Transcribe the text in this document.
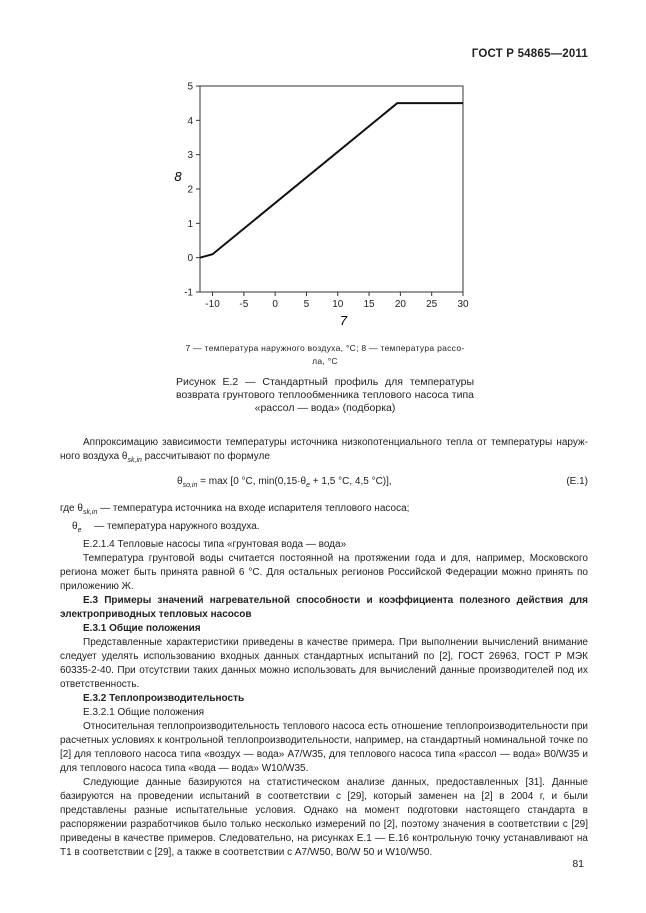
ГОСТ Р 54865—2011
-10 -5 0	5 10 15 20 25 30
-1
0
1
2
3
4
5
7
8
7 — температура наружного воздуха, °С; 8 — температура рассо-
ла, °С
Рисунок Е.2 — Стандартный профиль для температуры
возврата грунтового теплообменника теплового насоса типа
«рассол — вода» (подборка)

Аппроксимацию зависимости температуры источника низкопотенциального тепла от температуры наруж-

ного воздуха $\theta_{sk,in}$ рассчитывают по формуле

$\theta_{so,in} = \max [0$ °С, $\min(0,15\cdot\theta_e + 1,5$ °С, 4,5 °С)],	(Е.1)

где $\theta_{sk,in}$ — температура источника на входе испарителя теплового насоса;

$\theta_e$ — температура наружного воздуха.

Е.2.1.4 Тепловые насосы типа «грунтовая вода — вода»

Температура грунтовой воды считается постоянной на протяжении года и для, например, Московского региона может быть принята равной 6 °С. Для остальных регионов Российской Федерации можно принять по приложению Ж.

Е.3 Примеры значений нагревательной способности и коэффициента полезного действия для электроприводных тепловых насосов

Е.3.1 Общие положения

Представленные характеристики приведены в качестве примера. При выполнении вычислений внимание следует уделять использованию входных данных стандартных испытаний по [2], ГОСТ 26963, ГОСТ Р МЭК 60335-2-40. При отсутствии таких данных можно использовать для вычислений данные производителей под их ответственность.

Е.3.2 Теплопроизводительность

Е.3.2.1 Общие положения

Относительная теплопроизводительность теплового насоса есть отношение теплопроизводительности при расчетных условиях к контрольной теплопроизводительности, например, на стандартный номинальной точке по [2] для теплового насоса типа «воздух — вода» А7/W35, для теплового насоса типа «рассол — вода» В0/W35 и для теплового насоса типа «вода — вода» W10/W35.

Следующие данные базируются на статистическом анализе данных, предоставленных [31]. Данные базируются на проведении испытаний в соответствии с [29], который заменен на [2] в 2004 г, и были представлены разные испытательные условия. Однако на момент подготовки настоящего стандарта в распоряжении разработчиков было только несколько измерений по [2], поэтому значения в соответствии с [29] приведены в качестве примеров. Следовательно, на рисунках Е.1 — Е.16 контрольную точку устанавливают на Т1 в соответствии с [29], а также в соответствии с А7/W50, В0/W 50 и W10/W50.

81
